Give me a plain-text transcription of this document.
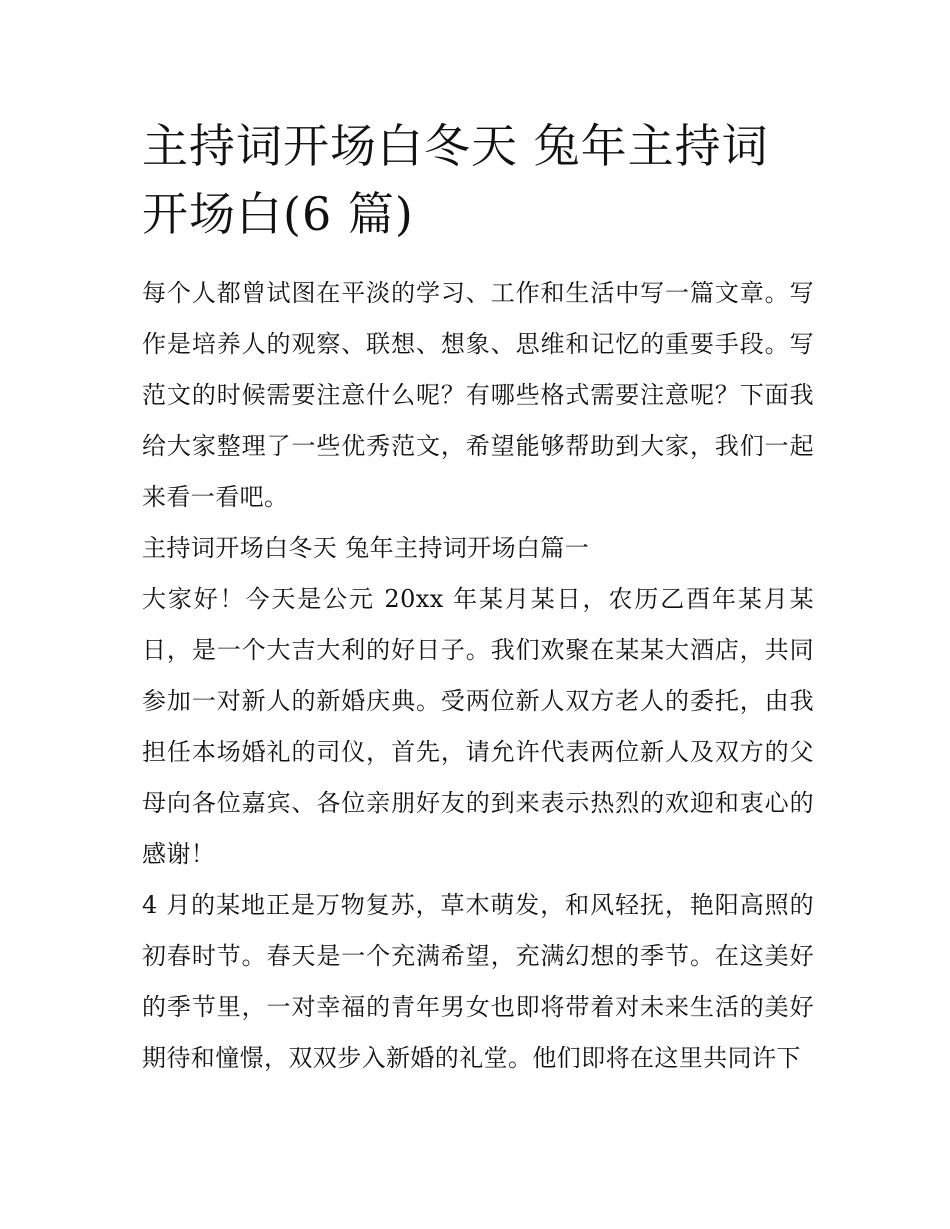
主持词开场白冬天 兔年主持词开场白(6 篇)

每个人都曾试图在平淡的学习、工作和生活中写一篇文章。写作是培养人的观察、联想、想象、思维和记忆的重要手段。写范文的时候需要注意什么呢？有哪些格式需要注意呢？下面我给大家整理了一些优秀范文，希望能够帮助到大家，我们一起来看一看吧。

主持词开场白冬天 兔年主持词开场白篇一

大家好！今天是公元 20xx 年某月某日，农历乙酉年某月某日，是一个大吉大利的好日子。我们欢聚在某某大酒店，共同参加一对新人的新婚庆典。受两位新人双方老人的委托，由我担任本场婚礼的司仪，首先，请允许代表两位新人及双方的父母向各位嘉宾、各位亲朋好友的到来表示热烈的欢迎和衷心的感谢！

4 月的某地正是万物复苏，草木萌发，和风轻抚，艳阳高照的初春时节。春天是一个充满希望，充满幻想的季节。在这美好的季节里，一对幸福的青年男女也即将带着对未来生活的美好期待和憧憬，双双步入新婚的礼堂。他们即将在这里共同许下
